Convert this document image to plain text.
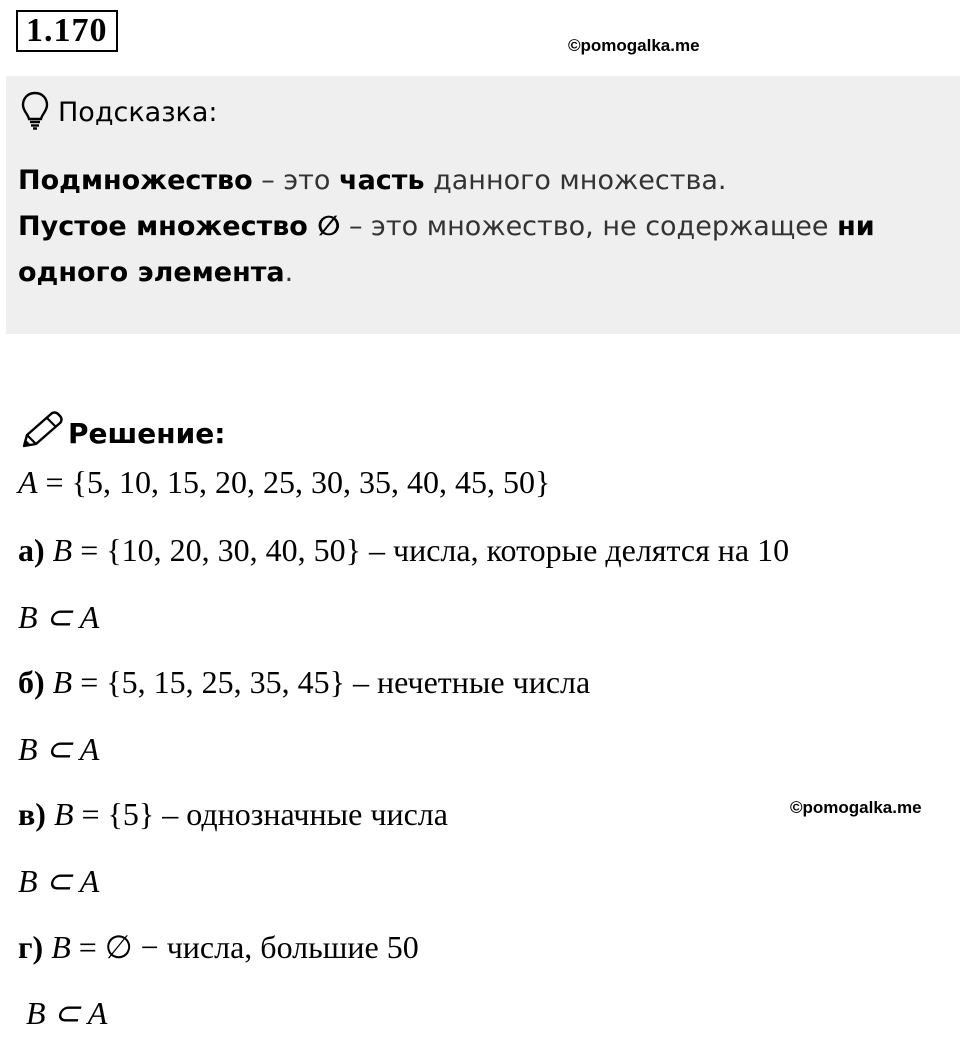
1.170	©pomogalka.me
Подсказка:
Подмножество – это часть данного множества.
Пустое множество ∅ – это множество, не содержащее ни
одного элемента.
Решение:
A = {5, 10, 15, 20, 25, 30, 35, 40, 45, 50}
а) B = {10, 20, 30, 40, 50} – числа, которые делятся на 10
B ⊂ A
б) B = {5, 15, 25, 35, 45} – нечетные числа
B ⊂ A
в) B = {5} – однозначные числа
B ⊂ A
г) B = ∅ − числа, большие 50
B ⊂ A
©pomogalka.me
